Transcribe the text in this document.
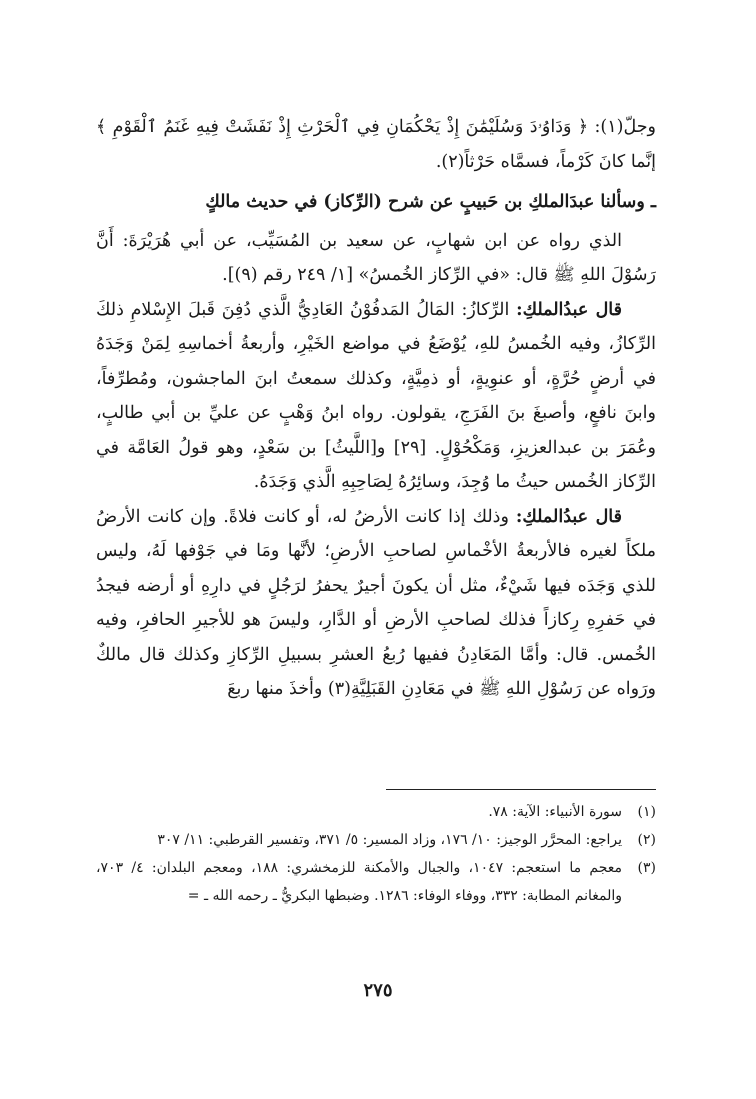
وجلّ(١): ﴿ وَدَاوُۥدَ وَسُلَيْمَٰنَ إِذْ يَحْكُمَانِ فِي ٱلْحَرْثِ إِذْ نَفَشَتْ فِيهِ غَنَمُ ٱلْقَوْمِ ﴾ إنَّما كانَ كَرْماً، فسمَّاه حَرْثاً(٢).

ـ وسألنا عبدَالملكِ بن حَبيبٍ عن شرح (الرِّكاز) في حديث مالكٍ

الذي رواه عن ابن شهابٍ، عن سعيد بن المُسَيِّب، عن أبي هُرَيْرَةَ: أَنَّ رَسُوْلَ اللهِ ﷺ قال: «في الرِّكاز الخُمسُ» [١/ ٢٤٩ رقم (٩)].

قال عبدُالملكِ: الرِّكازُ: المَالُ المَدفُوْنُ العَادِيُّ الَّذي دُفِنَ قَبلَ الإِسْلامِ ذلكَ الرِّكازُ، وفيه الخُمسُ للهِ، يُوْضَعُ في مواضع الخَيْرِ، وأربعةُ أخماسِهِ لِمَنْ وَجَدَهُ في أرضٍ حُرَّةٍ، أو عنوِيةٍ، أو ذمِيَّةٍ، وكذلك سمعتُ ابنَ الماجشون، ومُطرِّفاً، وابنَ نافعٍ، وأصبغَ بنَ الفَرَجِ، يقولون. رواه ابنُ وَهْبٍ عن عليِّ بن أبي طالبٍ، وعُمَرَ بن عبدالعزيزِ، وَمَكْحُوْلٍ. [٢٩] و[اللَّيثُ] بن سَعْدٍ، وهو قولُ العَامَّة في الرِّكاز الخُمس حيثُ ما وُجِدَ، وسائِرُهُ لِصَاحِبِهِ الَّذي وَجَدَهُ.

قال عبدُالملكِ: وذلك إذا كانت الأرضُ له، أو كانت فلاةً. وإن كانت الأرضُ ملكاً لغيره فالأربعةُ الأخْماسِ لصاحبِ الأرضِ؛ لأنَّها ومَا في جَوْفها لَهُ، وليس للذي وَجَدَه فيها شَيْءٌ، مثل أن يكونَ أجيرٌ يحفرُ لرَجُلٍ في دارِهِ أو أرضه فيجدُ في حَفرِهِ رِكازاً فذلك لصاحبِ الأرضِ أو الدَّارِ، وليسَ هو للأجيرِ الحافرِ، وفيه الخُمس. قال: وأمَّا المَعَادِنُ ففيها رُبعُ العشرِ بسبيلِ الرِّكازِ وكذلك قال مالكٌ ورَواه عن رَسُوْلِ اللهِ ﷺ في مَعَادِنِ القَبَلِيَّةِ(٣) وأخذَ منها ربعَ

(١)
سورة الأنبياء: الآية: ٧٨.
(٢)
يراجع: المحرَّر الوجيز: ١٠/ ١٧٦، وزاد المسير: ٥/ ٣٧١، وتفسير القرطبي: ١١/ ٣٠٧
(٣)
معجم ما استعجم: ١٠٤٧، والجبال والأمكنة للزمخشري: ١٨٨، ومعجم البلدان: ٤/ ٧٠٣، والمغانم المطابة: ٣٣٢، ووفاء الوفاء: ١٢٨٦. وضبطها البكريُّ ـ رحمه الله ـ =
٢٧٥
